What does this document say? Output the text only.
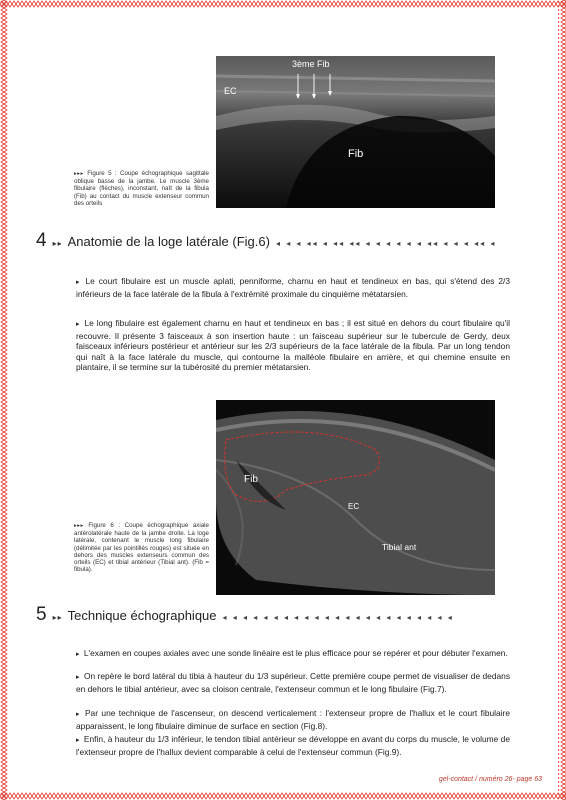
EC
3ème Fib
Fib
▸▸▸ Figure 5 : Coupe échographique sagittale oblique basse de la jambe. Le muscle 3ème fibulaire (flèches), inconstant, naît de la fibula (Fib) au contact du muscle extenseur commun des orteils
4 ▸▸ Anatomie de la loge latérale (Fig.6) ◂ ◂ ◂ ◂◂ ◂ ◂◂ ◂◂ ◂ ◂ ◂ ◂ ◂ ◂ ◂◂ ◂ ◂ ◂ ◂◂ ◂

▸ Le court fibulaire est un muscle aplati, penniforme, charnu en haut et tendineux en bas, qui s'étend des 2/3 inférieurs de la face latérale de la fibula à l'extrémité proximale du cinquième métatarsien.

▸ Le long fibulaire est également charnu en haut et tendineux en bas ; il est situé en dehors du court fibulaire qu'il recouvre. Il présente 3 faisceaux à son insertion haute : un faisceau supérieur sur le tubercule de Gerdy, deux faisceaux inférieurs postérieur et antérieur sur les 2/3 supérieurs de la face latérale de la fibula. Par un long tendon qui naît à la face latérale du muscle, qui contourne la malléole fibulaire en arrière, et qui chemine ensuite en plantaire, il se termine sur la tubérosité du premier métatarsien.

Fib
EC
Tibial ant
▸▸▸ Figure 6 : Coupe échographique axiale antérolatérale haute de la jambe droite. La loge latérale, contenant le muscle long fibulaire (délimitée par les pointillés rouges) est située en dehors des muscles extenseurs commun des orteils (EC) et tibial antérieur (Tibial ant). (Fib = fibula).
5 ▸▸ Technique échographique ◂ ◂ ◂ ◂ ◂ ◂ ◂ ◂ ◂ ◂ ◂ ◂ ◂ ◂ ◂ ◂ ◂ ◂ ◂ ◂ ◂ ◂ ◂

▸ L'examen en coupes axiales avec une sonde linéaire est le plus efficace pour se repérer et pour débuter l'examen.

▸ On repère le bord latéral du tibia à hauteur du 1/3 supérieur. Cette première coupe permet de visualiser de dedans en dehors le tibial antérieur, avec sa cloison centrale, l'extenseur commun et le long fibulaire (Fig.7).

▸ Par une technique de l'ascenseur, on descend verticalement : l'extenseur propre de l'hallux et le court fibulaire apparaissent, le long fibulaire diminue de surface en section (Fig.8).

▸ Enfin, à hauteur du 1/3 inférieur, le tendon tibial antérieur se développe en avant du corps du muscle, le volume de l'extenseur propre de l'hallux devient comparable à celui de l'extenseur commun (Fig.9).

gel-contact / numéro 26- page 63
